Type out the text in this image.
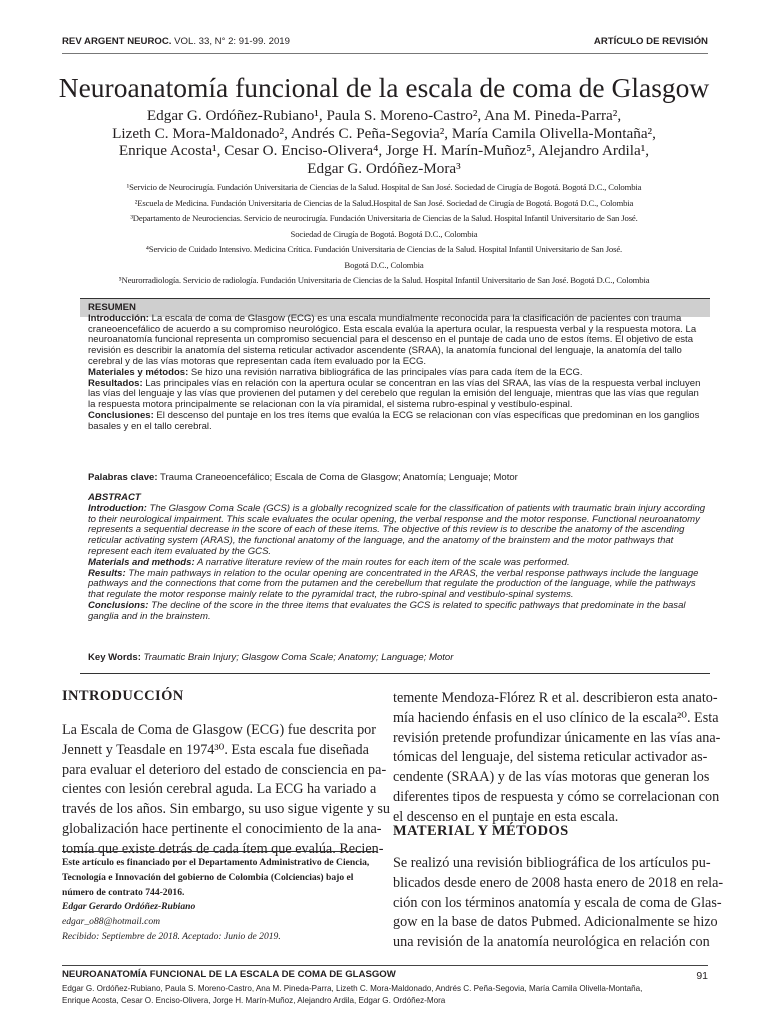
REV ARGENT NEUROC. VOL. 33, N° 2: 91-99. 2019	ARTÍCULO DE REVISIÓN
Neuroanatomía funcional de la escala de coma de Glasgow
Edgar G. Ordóñez-Rubiano¹, Paula S. Moreno-Castro², Ana M. Pineda-Parra²,
Lizeth C. Mora-Maldonado², Andrés C. Peña-Segovia², María Camila Olivella-Montaña²,
Enrique Acosta¹, Cesar O. Enciso-Olivera⁴, Jorge H. Marín-Muñoz⁵, Alejandro Ardila¹,
Edgar G. Ordóñez-Mora³
¹Servicio de Neurocirugía. Fundación Universitaria de Ciencias de la Salud. Hospital de San José. Sociedad de Cirugía de Bogotá. Bogotá D.C., Colombia
²Escuela de Medicina. Fundación Universitaria de Ciencias de la Salud.Hospital de San José. Sociedad de Cirugía de Bogotá. Bogotá D.C., Colombia
³Departamento de Neurociencias. Servicio de neurocirugía. Fundación Universitaria de Ciencias de la Salud. Hospital Infantil Universitario de San José.
Sociedad de Cirugía de Bogotá. Bogotá D.C., Colombia
⁴Servicio de Cuidado Intensivo. Medicina Crítica. Fundación Universitaria de Ciencias de la Salud. Hospital Infantil Universitario de San José.
Bogotá D.C., Colombia
⁵Neurorradiología. Servicio de radiología. Fundación Universitaria de Ciencias de la Salud. Hospital Infantil Universitario de San José. Bogotá D.C., Colombia
RESUMEN

Introducción: La escala de coma de Glasgow (ECG) es una escala mundialmente reconocida para la clasificación de pacientes con trauma craneoencefálico de acuerdo a su compromiso neurológico. Esta escala evalúa la apertura ocular, la respuesta verbal y la respuesta motora. La neuroanatomía funcional representa un compromiso secuencial para el descenso en el puntaje de cada uno de estos ítems. El objetivo de esta revisión es describir la anatomía del sistema reticular activador ascendente (SRAA), la anatomía funcional del lenguaje, la anatomía del tallo cerebral y de las vías motoras que representan cada ítem evaluado por la ECG.

Materiales y métodos: Se hizo una revisión narrativa bibliográfica de las principales vías para cada ítem de la ECG.

Resultados: Las principales vías en relación con la apertura ocular se concentran en las vías del SRAA, las vías de la respuesta verbal incluyen las vías del lenguaje y las vías que provienen del putamen y del cerebelo que regulan la emisión del lenguaje, mientras que las vías que regulan la respuesta motora principalmente se relacionan con la vía piramidal, el sistema rubro-espinal y vestíbulo-espinal.

Conclusiones: El descenso del puntaje en los tres ítems que evalúa la ECG se relacionan con vías específicas que predominan en los ganglios basales y en el tallo cerebral.

Palabras clave: Trauma Craneoencefálico; Escala de Coma de Glasgow; Anatomía; Lenguaje; Motor
ABSTRACT

Introduction: The Glasgow Coma Scale (GCS) is a globally recognized scale for the classification of patients with traumatic brain injury according to their neurological impairment. This scale evaluates the ocular opening, the verbal response and the motor response. Functional neuroanatomy represents a sequential decrease in the score of each of these items. The objective of this review is to describe the anatomy of the ascending reticular activating system (ARAS), the functional anatomy of the language, and the anatomy of the brainstem and the motor pathways that represent each item evaluated by the GCS.

Materials and methods: A narrative literature review of the main routes for each item of the scale was performed.

Results: The main pathways in relation to the ocular opening are concentrated in the ARAS, the verbal response pathways include the language pathways and the connections that come from the putamen and the cerebellum that regulate the production of the language, while the pathways that regulate the motor response mainly relate to the pyramidal tract, the rubro-spinal and vestibulo-spinal systems.

Conclusions: The decline of the score in the three items that evaluates the GCS is related to specific pathways that predominate in the basal ganglia and in the brainstem.

Key Words: Traumatic Brain Injury; Glasgow Coma Scale; Anatomy; Language; Motor
INTRODUCCIÓN
La Escala de Coma de Glasgow (ECG) fue descrita por
Jennett y Teasdale en 1974³⁰. Esta escala fue diseñada
para evaluar el deterioro del estado de consciencia en pa-
cientes con lesión cerebral aguda. La ECG ha variado a
través de los años. Sin embargo, su uso sigue vigente y su
globalización hace pertinente el conocimiento de la ana-
tomía que existe detrás de cada ítem que evalúa. Recien-
temente Mendoza-Flórez R et al. describieron esta anato-
mía haciendo énfasis en el uso clínico de la escala²⁰. Esta
revisión pretende profundizar únicamente en las vías ana-
tómicas del lenguaje, del sistema reticular activador as-
cendente (SRAA) y de las vías motoras que generan los
diferentes tipos de respuesta y cómo se correlacionan con
el descenso en el puntaje en esta escala.
MATERIAL Y MÉTODOS
Se realizó una revisión bibliográfica de los artículos pu-
blicados desde enero de 2008 hasta enero de 2018 en rela-
ción con los términos anatomía y escala de coma de Glas-
gow en la base de datos Pubmed. Adicionalmente se hizo
una revisión de la anatomía neurológica en relación con
Este artículo es financiado por el Departamento Administrativo de Ciencia, Tecnología e Innovación del gobierno de Colombia (Colciencias) bajo el número de contrato 744-2016.
Edgar Gerardo Ordóñez-Rubiano
edgar_o88@hotmail.com
Recibido: Septiembre de 2018. Aceptado: Junio de 2019.
NEUROANATOMÍA FUNCIONAL DE LA ESCALA DE COMA DE GLASGOW
Edgar G. Ordóñez-Rubiano, Paula S. Moreno-Castro, Ana M. Pineda-Parra, Lizeth C. Mora-Maldonado, Andrés C. Peña-Segovia, María Camila Olivella-Montaña,
Enrique Acosta, Cesar O. Enciso-Olivera, Jorge H. Marín-Muñoz, Alejandro Ardila, Edgar G. Ordóñez-Mora
91
